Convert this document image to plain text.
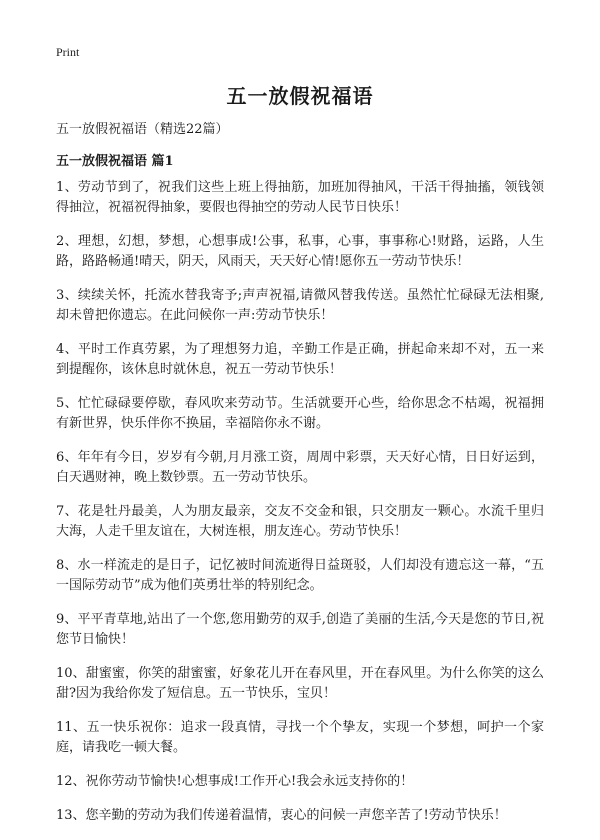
Print
五一放假祝福语
五一放假祝福语（精选22篇）
五一放假祝福语 篇1

1、劳动节到了，祝我们这些上班上得抽筋，加班加得抽风，干活干得抽搐，领钱领得抽泣，祝福祝得抽象，要假也得抽空的劳动人民节日快乐！

2、理想，幻想，梦想，心想事成!公事，私事，心事，事事称心!财路，运路，人生路，路路畅通!晴天，阴天，风雨天，天天好心情!愿你五一劳动节快乐！

3、续续关怀，托流水替我寄予;声声祝福,请微风替我传送。虽然忙忙碌碌无法相聚,却未曾把你遗忘。在此问候你一声:劳动节快乐！

4、平时工作真劳累，为了理想努力追，辛勤工作是正确，拼起命来却不对，五一来到提醒你，该休息时就休息，祝五一劳动节快乐！

5、忙忙碌碌要停歇，春风吹来劳动节。生活就要开心些，给你思念不枯竭，祝福拥有新世界，快乐伴你不换届，幸福陪你永不谢。

6、年年有今日，岁岁有今朝,月月涨工资，周周中彩票，天天好心情，日日好运到，白天遇财神，晚上数钞票。五一劳动节快乐。

7、花是牡丹最美，人为朋友最亲，交友不交金和银，只交朋友一颗心。水流千里归大海，人走千里友谊在，大树连根，朋友连心。劳动节快乐！

8、水一样流走的是日子，记忆被时间流逝得日益斑驳，人们却没有遗忘这一幕，“五一国际劳动节”成为他们英勇壮举的特别纪念。

9、平平青草地,站出了一个您,您用勤劳的双手,创造了美丽的生活,今天是您的节日,祝您节日愉快！

10、甜蜜蜜，你笑的甜蜜蜜，好象花儿开在春风里，开在春风里。为什么你笑的这么甜?因为我给你发了短信息。五一节快乐，宝贝！

11、五一快乐祝你：追求一段真情，寻找一个个挚友，实现一个梦想，呵护一个家庭，请我吃一顿大餐。

12、祝你劳动节愉快!心想事成!工作开心!我会永远支持你的！

13、您辛勤的劳动为我们传递着温情，衷心的问候一声您辛苦了!劳动节快乐！
